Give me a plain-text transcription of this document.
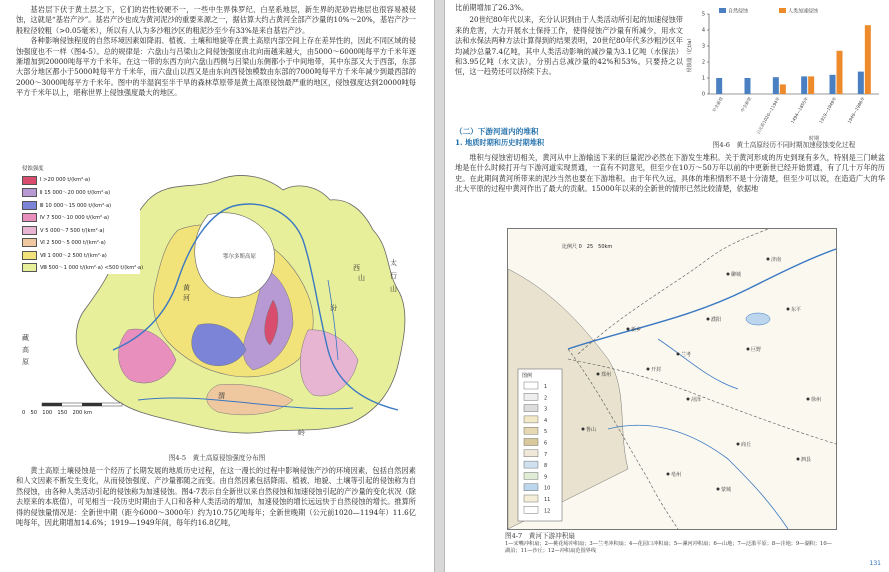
基岩层下伏于黄土层之下，它们的岩性较硬不一，一些中生界侏罗纪、白垩系地层，新生界的泥砂岩地层也很容易被侵蚀，这就是“基岩产沙”。基岩产沙也成为黄河泥沙的重要来源之一，据估算大约占黄河全部产沙量的10%～20%，基岩产沙一般粒径较粗（>0.05毫米），所以有人认为多沙粗沙区的粗泥沙至少有33%是来自基岩产沙。

各种影响侵蚀程度的自然环境因素如降雨、植被、土壤和地貌等在黄土高原内部空间上存在差异性的，因此不同区域的侵蚀强度也不一样（图4-5）。总的规律是：六盘山与吕梁山之间侵蚀强度由北向南越来越大，由5000～6000吨每平方千米年逐渐增加到20000吨每平方千米年。在这一带的东西方向六盘山西侧与吕梁山东侧都小于中间地带，其中东部又大于西部，东部大部分地区都小于5000吨每平方千米年，而六盘山以西又是由东向西侵蚀模数由东部的7000吨每平方千米年减少到最西部的2000～3000吨每平方千米年。图中的半湿润至半干旱的森林草原带是黄土高原侵蚀最严重的地区，侵蚀强度达到20000吨每平方千米年以上，堪称世界上侵蚀强度最大的地区。

鄂尔多斯高原
黄
河
渭
汾
岭
太
行
山
西
山
藏
高
原
0　50　100　150　200 km
侵蚀强度
Ⅰ >20 000 t/(km²·a)
Ⅱ 15 000～20 000 t/(km²·a)
Ⅲ 10 000～15 000 t/(km²·a)
Ⅳ 7 500～10 000 t/(km²·a)
Ⅴ 5 000～7 500 t/(km²·a)
Ⅵ 2 500～5 000 t/(km²·a)
Ⅶ 1 000～2 500 t/(km²·a)
Ⅷ 500～1 000 t/(km²·a) <500 t/(km²·a)

图4-5　黄土高原侵蚀强度分布图

黄土高原土壤侵蚀是一个经历了长期发展的地质历史过程，在这一漫长的过程中影响侵蚀产沙的环境因素，包括自然因素和人文因素不断发生变化，从而侵蚀强度、产沙量都随之而变。由自然因素包括降雨、植被、地貌、土壤等引起的侵蚀称为自然侵蚀，由各种人类活动引起的侵蚀称为加速侵蚀。图4-7表示自全新世以来自然侵蚀和加速侵蚀引起的产沙量的变化状况（除去原来的本底值），可见相当一段历史时期由于人口和各种人类活动的增加，加速侵蚀的增长远远快于自然侵蚀的增长。推算所得的侵蚀量情况是：全新世中期（距今6000～3000年）约为10.75亿吨每年；全新世晚期（公元前1020—1194年）11.6亿吨每年，因此期增加14.6%；1919—1949年间，每年约16.8亿吨，

比前期增加了26.3%。

20世纪80年代以来，充分认识到由于人类活动所引起的加速侵蚀带来的危害，大力开展水土保持工作，使得侵蚀产沙量有所减少，用水文法和水保法两种方法计算得到的结果表明，20世纪80年代多沙粗沙区年均减沙总量7.4亿吨，其中人类活动影响的减沙量为3.1亿吨（水保法）和3.95亿吨（水文法），分别占总减沙量的42%和53%。只要持之以恒，这一趋势还可以持续下去。

0
1
2
3
4
5
侵蚀量（亿t/a）
早全新世	中全新世 公元前1020—1194年 1494—1855年 1919—1949年 1949—1986年
时期
自然侵蚀	人类加速侵蚀

图4-6　黄土高原经历不同时期加速侵蚀变化过程

（二）下游河道内的堆积

1. 地质时期和历史时期堆积

堆积与侵蚀密切相关，黄河从中上游输送下来的巨量泥沙必然在下游发生堆积。关于黄河形成的历史到现有多久，特别是三门峡盆地是在什么时候打开与下游河道实现贯通，一直有不同意见，但至少在10万～50万年以前的中更新世已经开始贯通，有了几十万年的历史。在此期间黄河所带来的泥沙当然也要在下游堆积。由于年代久远，具体的堆积情形不是十分清楚，但至少可以说，在造造广大的华北大平原的过程中黄河作出了最大的贡献。15000年以来的全新世的情形已然比较清楚，依据地

1
2
3
4
5
6
7
8
9
10
11
12
郑州
开封
新乡
商丘
濮阳
徐州
聊城
济南
菏泽
巨野
东平
兰考
亳州
蒙城
泗县
鲁山
比例尺 0　25　50km
图例

图4-7　黄河下游冲积扇

1—宋嘴冲积扇；2—桃花峪冲积扇；3—兰考冲积扇；4—花园口冲积扇；5—漯河冲积扇；6—山地；7—泛滥平原；8—洼地；9—湖积；10—湖泊；11—沙丘；12—冲积扇范围界线

131
